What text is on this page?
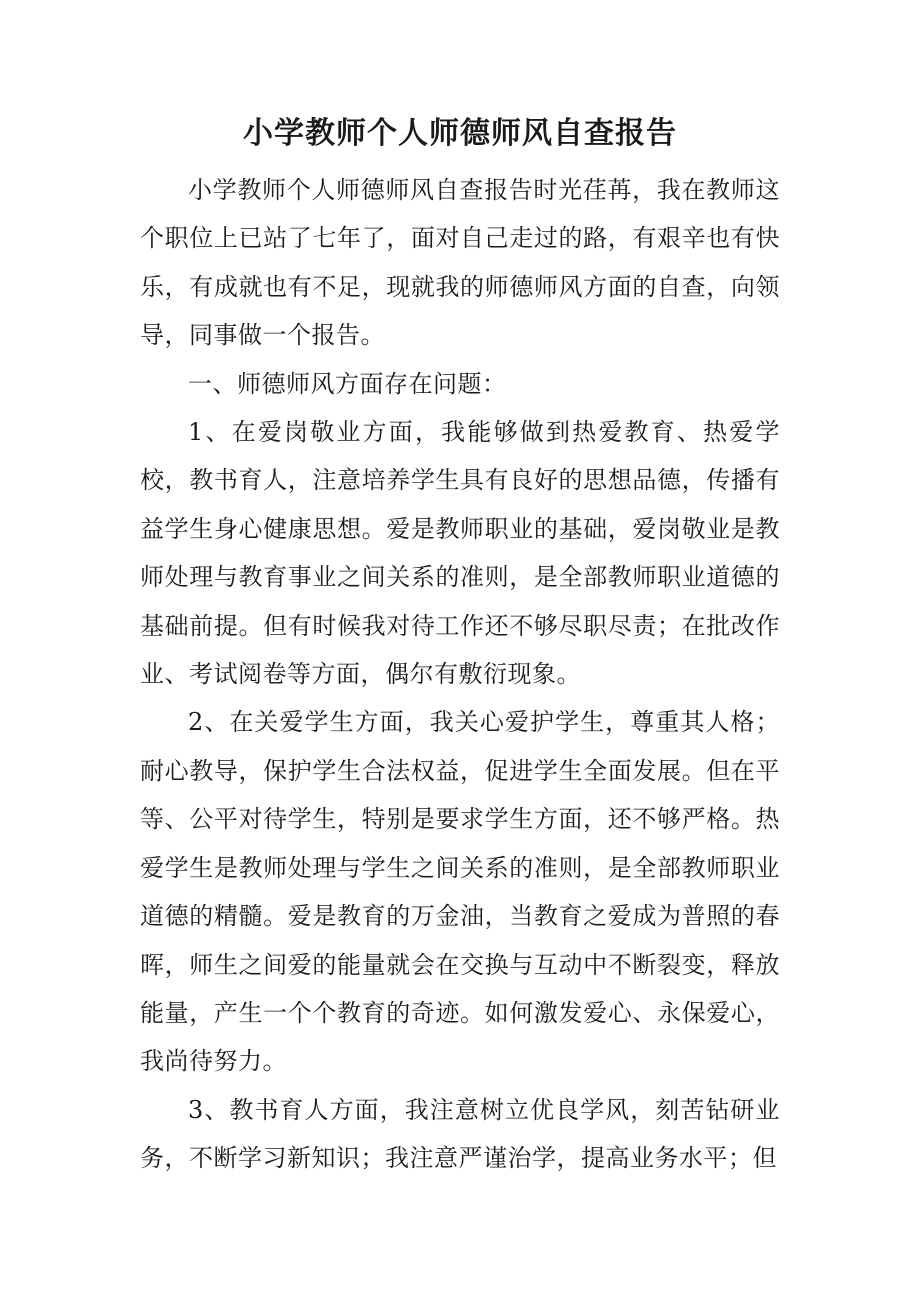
小学教师个人师德师风自查报告

小学教师个人师德师风自查报告时光荏苒，我在教师这个职位上已站了七年了，面对自己走过的路，有艰辛也有快乐，有成就也有不足，现就我的师德师风方面的自查，向领导，同事做一个报告。

一、师德师风方面存在问题：

1、在爱岗敬业方面，我能够做到热爱教育、热爱学校，教书育人，注意培养学生具有良好的思想品德，传播有益学生身心健康思想。爱是教师职业的基础，爱岗敬业是教师处理与教育事业之间关系的准则，是全部教师职业道德的基础前提。但有时候我对待工作还不够尽职尽责；在批改作业、考试阅卷等方面，偶尔有敷衍现象。

2、在关爱学生方面，我关心爱护学生，尊重其人格；耐心教导，保护学生合法权益，促进学生全面发展。但在平等、公平对待学生，特别是要求学生方面，还不够严格。热爱学生是教师处理与学生之间关系的准则，是全部教师职业道德的精髓。爱是教育的万金油，当教育之爱成为普照的春晖，师生之间爱的能量就会在交换与互动中不断裂变，释放能量，产生一个个教育的奇迹。如何激发爱心、永保爱心，我尚待努力。

3、教书育人方面，我注意树立优良学风，刻苦钻研业务，不断学习新知识；我注意严谨治学，提高业务水平；但
